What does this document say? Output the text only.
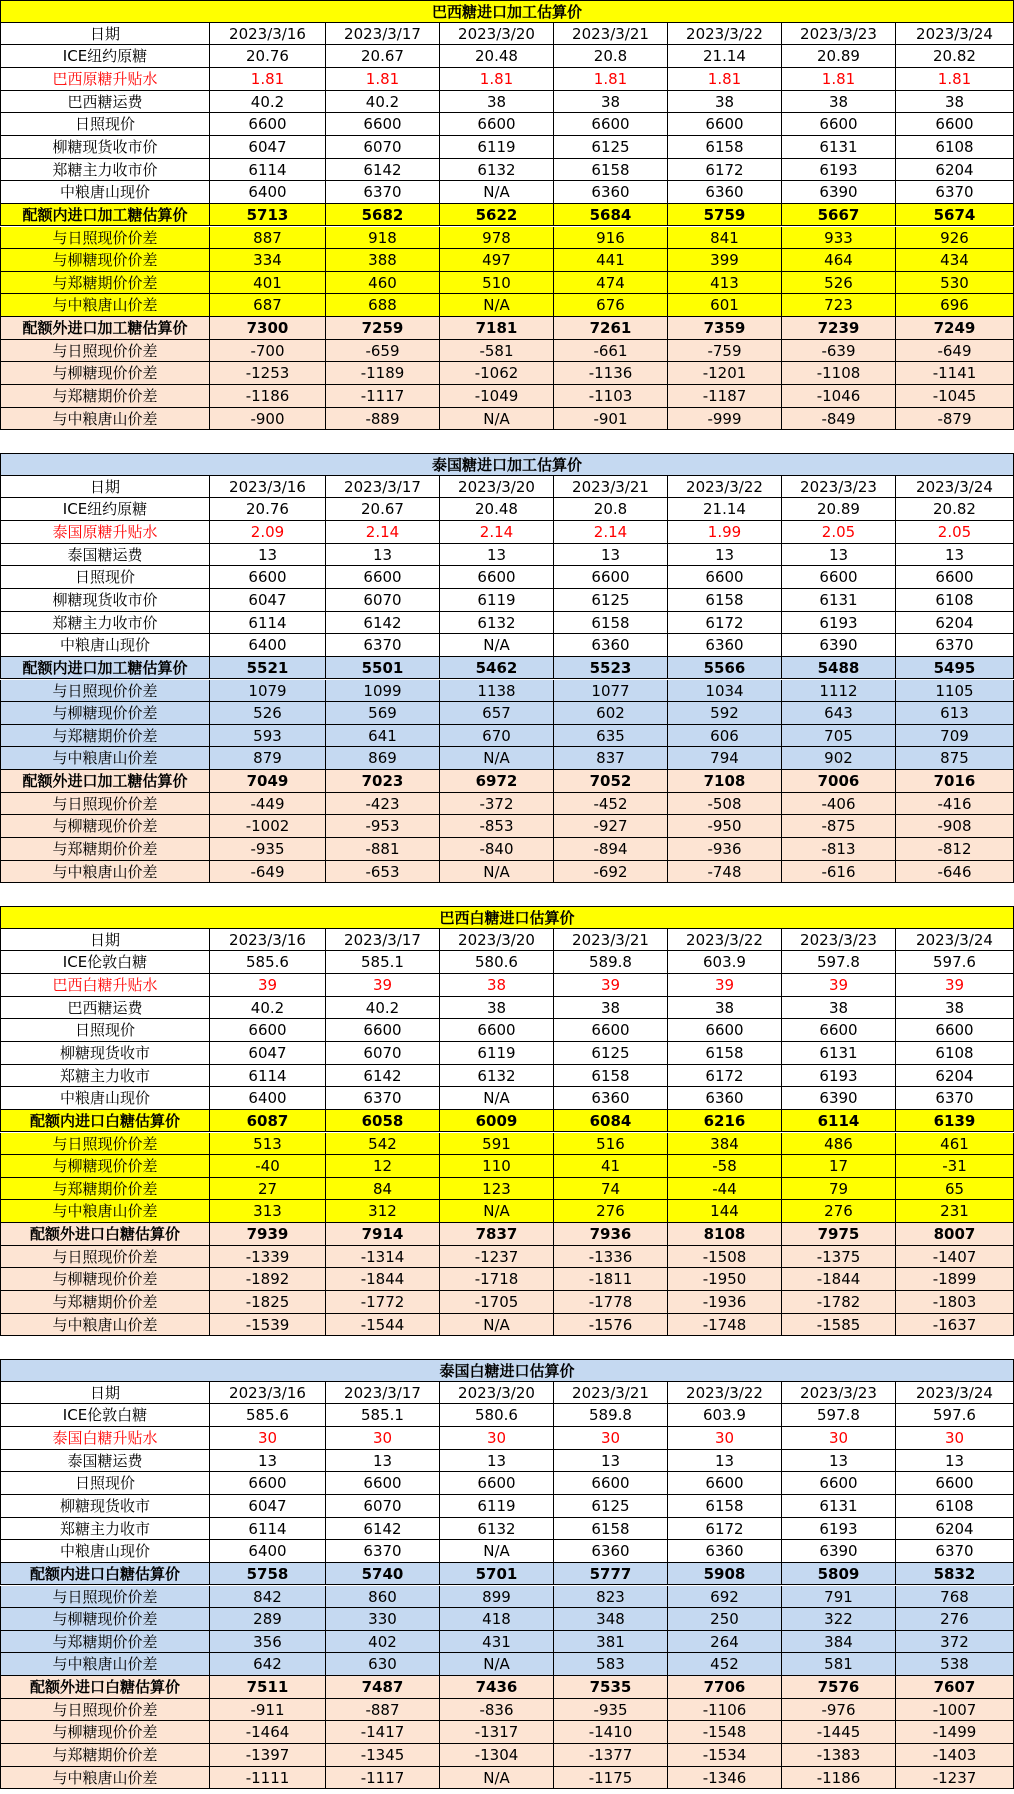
巴西糖进口加工估算价
日期	2023/3/16	2023/3/17	2023/3/20	2023/3/21	2023/3/22	2023/3/23	2023/3/24
ICE纽约原糖	20.76	20.67	20.48	20.8	21.14	20.89	20.82
巴西原糖升贴水	1.81	1.81	1.81	1.81	1.81	1.81	1.81
巴西糖运费	40.2	40.2	38	38	38	38	38
日照现价	6600	6600	6600	6600	6600	6600	6600
柳糖现货收市价	6047	6070	6119	6125	6158	6131	6108
郑糖主力收市价	6114	6142	6132	6158	6172	6193	6204
中粮唐山现价	6400	6370	N/A	6360	6360	6390	6370
配额内进口加工糖估算价	5713	5682	5622	5684	5759	5667	5674
与日照现价价差	887	918	978	916	841	933	926
与柳糖现价价差	334	388	497	441	399	464	434
与郑糖期价价差	401	460	510	474	413	526	530
与中粮唐山价差	687	688	N/A	676	601	723	696
配额外进口加工糖估算价	7300	7259	7181	7261	7359	7239	7249
与日照现价价差	-700	-659	-581	-661	-759	-639	-649
与柳糖现价价差	-1253	-1189	-1062	-1136	-1201	-1108	-1141
与郑糖期价价差	-1186	-1117	-1049	-1103	-1187	-1046	-1045
与中粮唐山价差	-900	-889	N/A	-901	-999	-849	-879
泰国糖进口加工估算价
日期	2023/3/16	2023/3/17	2023/3/20	2023/3/21	2023/3/22	2023/3/23	2023/3/24
ICE纽约原糖	20.76	20.67	20.48	20.8	21.14	20.89	20.82
泰国原糖升贴水	2.09	2.14	2.14	2.14	1.99	2.05	2.05
泰国糖运费	13	13	13	13	13	13	13
日照现价	6600	6600	6600	6600	6600	6600	6600
柳糖现货收市价	6047	6070	6119	6125	6158	6131	6108
郑糖主力收市价	6114	6142	6132	6158	6172	6193	6204
中粮唐山现价	6400	6370	N/A	6360	6360	6390	6370
配额内进口加工糖估算价	5521	5501	5462	5523	5566	5488	5495
与日照现价价差	1079	1099	1138	1077	1034	1112	1105
与柳糖现价价差	526	569	657	602	592	643	613
与郑糖期价价差	593	641	670	635	606	705	709
与中粮唐山价差	879	869	N/A	837	794	902	875
配额外进口加工糖估算价	7049	7023	6972	7052	7108	7006	7016
与日照现价价差	-449	-423	-372	-452	-508	-406	-416
与柳糖现价价差	-1002	-953	-853	-927	-950	-875	-908
与郑糖期价价差	-935	-881	-840	-894	-936	-813	-812
与中粮唐山价差	-649	-653	N/A	-692	-748	-616	-646
巴西白糖进口估算价
日期	2023/3/16	2023/3/17	2023/3/20	2023/3/21	2023/3/22	2023/3/23	2023/3/24
ICE伦敦白糖	585.6	585.1	580.6	589.8	603.9	597.8	597.6
巴西白糖升贴水	39	39	38	39	39	39	39
巴西糖运费	40.2	40.2	38	38	38	38	38
日照现价	6600	6600	6600	6600	6600	6600	6600
柳糖现货收市	6047	6070	6119	6125	6158	6131	6108
郑糖主力收市	6114	6142	6132	6158	6172	6193	6204
中粮唐山现价	6400	6370	N/A	6360	6360	6390	6370
配额内进口白糖估算价	6087	6058	6009	6084	6216	6114	6139
与日照现价价差	513	542	591	516	384	486	461
与柳糖现价价差	-40	12	110	41	-58	17	-31
与郑糖期价价差	27	84	123	74	-44	79	65
与中粮唐山价差	313	312	N/A	276	144	276	231
配额外进口白糖估算价	7939	7914	7837	7936	8108	7975	8007
与日照现价价差	-1339	-1314	-1237	-1336	-1508	-1375	-1407
与柳糖现价价差	-1892	-1844	-1718	-1811	-1950	-1844	-1899
与郑糖期价价差	-1825	-1772	-1705	-1778	-1936	-1782	-1803
与中粮唐山价差	-1539	-1544	N/A	-1576	-1748	-1585	-1637
泰国白糖进口估算价
日期	2023/3/16	2023/3/17	2023/3/20	2023/3/21	2023/3/22	2023/3/23	2023/3/24
ICE伦敦白糖	585.6	585.1	580.6	589.8	603.9	597.8	597.6
泰国白糖升贴水	30	30	30	30	30	30	30
泰国糖运费	13	13	13	13	13	13	13
日照现价	6600	6600	6600	6600	6600	6600	6600
柳糖现货收市	6047	6070	6119	6125	6158	6131	6108
郑糖主力收市	6114	6142	6132	6158	6172	6193	6204
中粮唐山现价	6400	6370	N/A	6360	6360	6390	6370
配额内进口白糖估算价	5758	5740	5701	5777	5908	5809	5832
与日照现价价差	842	860	899	823	692	791	768
与柳糖现价价差	289	330	418	348	250	322	276
与郑糖期价价差	356	402	431	381	264	384	372
与中粮唐山价差	642	630	N/A	583	452	581	538
配额外进口白糖估算价	7511	7487	7436	7535	7706	7576	7607
与日照现价价差	-911	-887	-836	-935	-1106	-976	-1007
与柳糖现价价差	-1464	-1417	-1317	-1410	-1548	-1445	-1499
与郑糖期价价差	-1397	-1345	-1304	-1377	-1534	-1383	-1403
与中粮唐山价差	-1111	-1117	N/A	-1175	-1346	-1186	-1237
